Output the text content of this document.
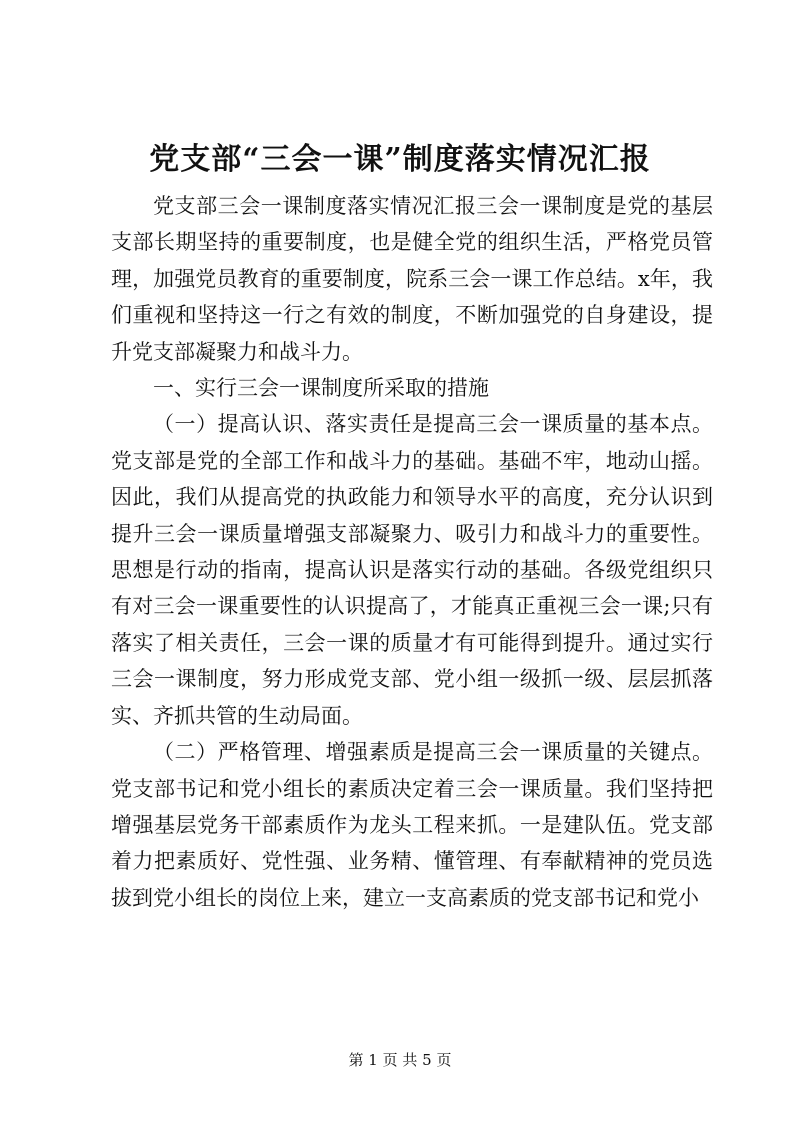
党支部“三会一课”制度落实情况汇报

党支部三会一课制度落实情况汇报三会一课制度是党的基层支部长期坚持的重要制度，也是健全党的组织生活，严格党员管理，加强党员教育的重要制度，院系三会一课工作总结。x年，我们重视和坚持这一行之有效的制度，不断加强党的自身建设，提升党支部凝聚力和战斗力。

一、实行三会一课制度所采取的措施

（一）提高认识、落实责任是提高三会一课质量的基本点。党支部是党的全部工作和战斗力的基础。基础不牢，地动山摇。因此，我们从提高党的执政能力和领导水平的高度，充分认识到提升三会一课质量增强支部凝聚力、吸引力和战斗力的重要性。思想是行动的指南，提高认识是落实行动的基础。各级党组织只有对三会一课重要性的认识提高了，才能真正重视三会一课;只有落实了相关责任，三会一课的质量才有可能得到提升。通过实行三会一课制度，努力形成党支部、党小组一级抓一级、层层抓落实、齐抓共管的生动局面。

（二）严格管理、增强素质是提高三会一课质量的关键点。党支部书记和党小组长的素质决定着三会一课质量。我们坚持把增强基层党务干部素质作为龙头工程来抓。一是建队伍。党支部着力把素质好、党性强、业务精、懂管理、有奉献精神的党员选拔到党小组长的岗位上来，建立一支高素质的党支部书记和党小

第 1 页 共 5 页
